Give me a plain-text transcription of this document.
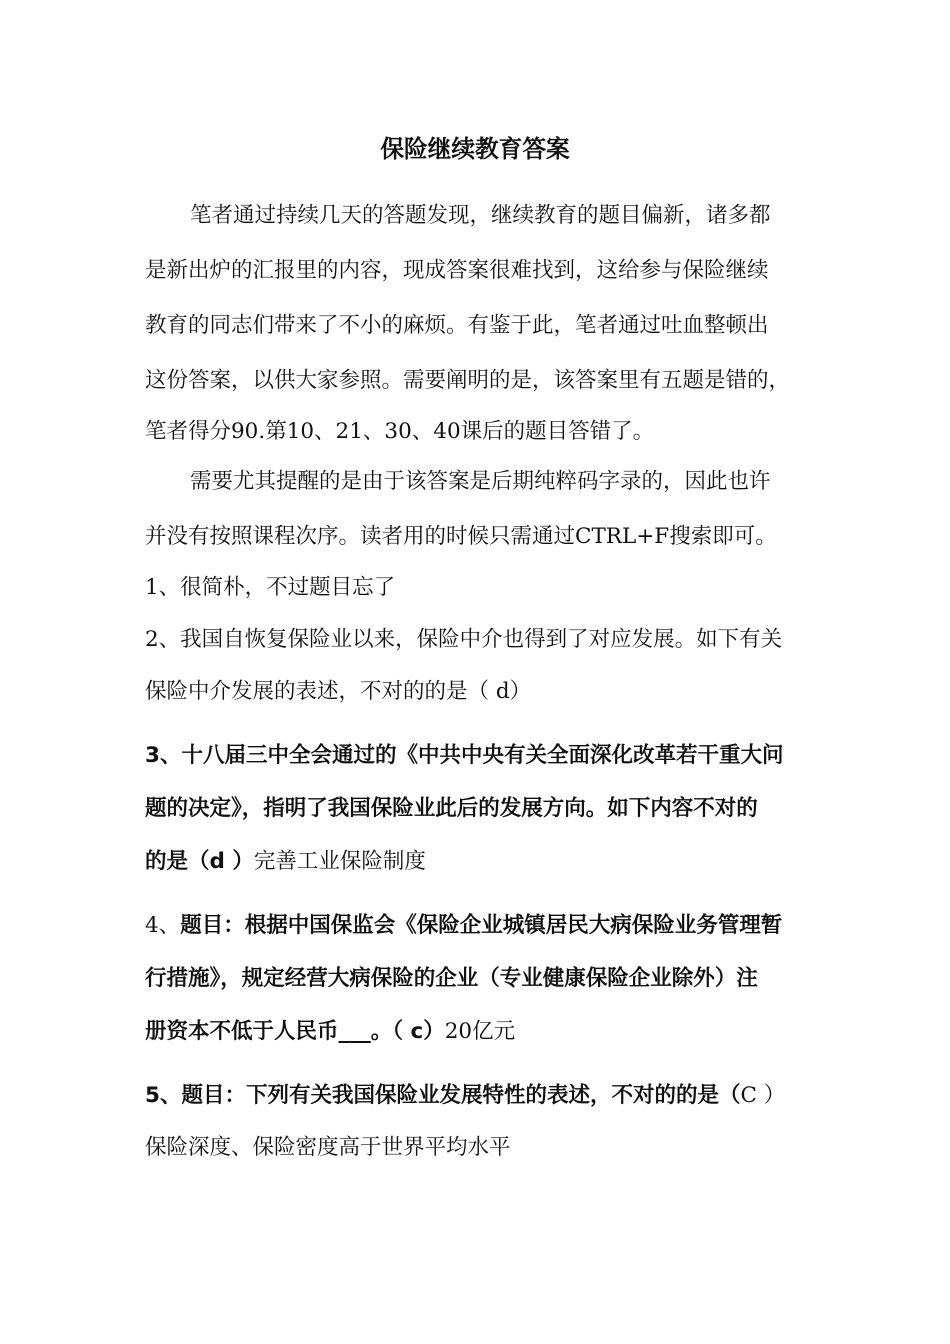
保险继续教育答案
笔者通过持续几天的答题发现，继续教育的题目偏新，诸多都
是新出炉的汇报里的内容，现成答案很难找到，这给参与保险继续
教育的同志们带来了不小的麻烦。有鉴于此，笔者通过吐血整顿出
这份答案，以供大家参照。需要阐明的是，该答案里有五题是错的，
笔者得分90.第10、21、30、40课后的题目答错了。
需要尤其提醒的是由于该答案是后期纯粹码字录的，因此也许
并没有按照课程次序。读者用的时候只需通过CTRL+F搜索即可。
1、很简朴，不过题目忘了
2、我国自恢复保险业以来，保险中介也得到了对应发展。如下有关
保险中介发展的表述，不对的的是（ d）
3、十八届三中全会通过的《中共中央有关全面深化改革若干重大问
题的决定》，指明了我国保险业此后的发展方向。如下内容不对的
的是（d ）完善工业保险制度
4、题目：根据中国保监会《保险企业城镇居民大病保险业务管理暂
行措施》，规定经营大病保险的企业（专业健康保险企业除外）注
册资本不低于人民币___。（ c）20亿元
5、题目：下列有关我国保险业发展特性的表述，不对的的是（C ）
保险深度、保险密度高于世界平均水平
